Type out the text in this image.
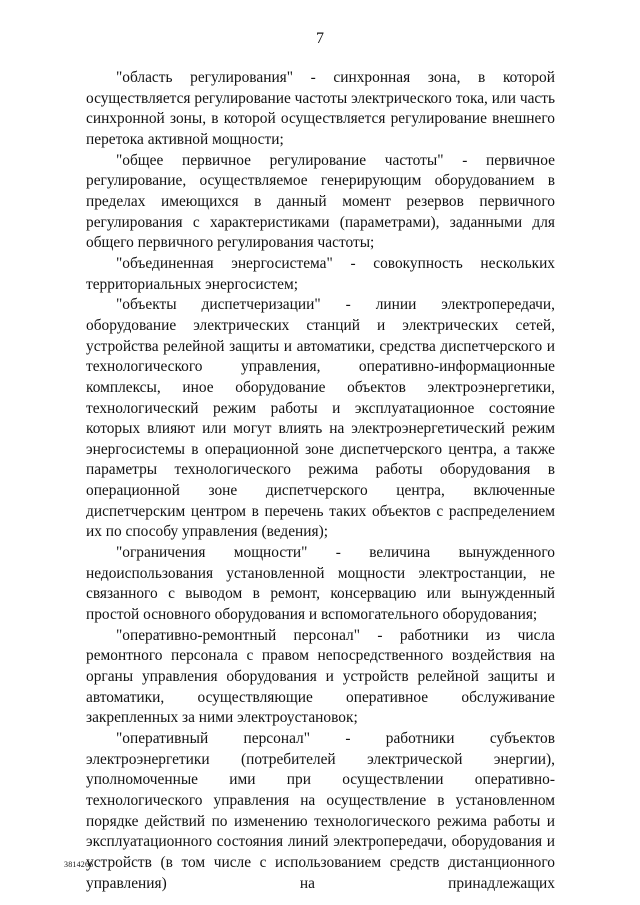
7

"область регулирования" - синхронная зона, в которой осуществляется регулирование частоты электрического тока, или часть синхронной зоны, в которой осуществляется регулирование внешнего перетока активной мощности;

"общее первичное регулирование частоты" - первичное регулирование, осуществляемое генерирующим оборудованием в пределах имеющихся в данный момент резервов первичного регулирования с характеристиками (параметрами), заданными для общего первичного регулирования частоты;

"объединенная энергосистема" - совокупность нескольких территориальных энергосистем;

"объекты диспетчеризации" - линии электропередачи, оборудование электрических станций и электрических сетей, устройства релейной защиты и автоматики, средства диспетчерского и технологического управления, оперативно-информационные комплексы, иное оборудование объектов электроэнергетики, технологический режим работы и эксплуатационное состояние которых влияют или могут влиять на электроэнергетический режим энергосистемы в операционной зоне диспетчерского центра, а также параметры технологического режима работы оборудования в операционной зоне диспетчерского центра, включенные диспетчерским центром в перечень таких объектов с распределением их по способу управления (ведения);

"ограничения мощности" - величина вынужденного недоиспользования установленной мощности электростанции, не связанного с выводом в ремонт, консервацию или вынужденный простой основного оборудования и вспомогательного оборудования;

"оперативно-ремонтный персонал" - работники из числа ремонтного персонала с правом непосредственного воздействия на органы управления оборудования и устройств релейной защиты и автоматики, осуществляющие оперативное обслуживание закрепленных за ними электроустановок;

"оперативный персонал" - работники субъектов электроэнергетики (потребителей электрической энергии), уполномоченные ими при осуществлении оперативно-технологического управления на осуществление в установленном порядке действий по изменению технологического режима работы и эксплуатационного состояния линий электропередачи, оборудования и устройств (в том числе с использованием средств дистанционного управления) на принадлежащих

3814266
